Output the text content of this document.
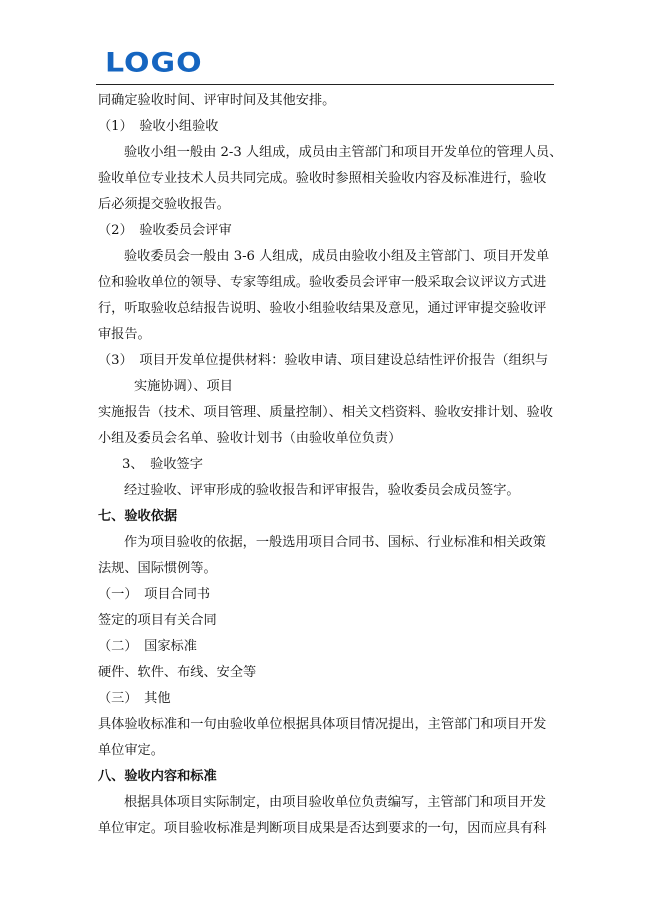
LOGO
同确定验收时间、评审时间及其他安排。
（1）　验收小组验收
验收小组一般由 2-3 人组成，成员由主管部门和项目开发单位的管理人员、
验收单位专业技术人员共同完成。验收时参照相关验收内容及标准进行，验收
后必须提交验收报告。
（2）　验收委员会评审
验收委员会一般由 3-6 人组成，成员由验收小组及主管部门、项目开发单
位和验收单位的领导、专家等组成。验收委员会评审一般采取会议评议方式进
行，听取验收总结报告说明、验收小组验收结果及意见，通过评审提交验收评
审报告。
（3）　项目开发单位提供材料：验收申请、项目建设总结性评价报告（组织与
实施协调）、项目
实施报告（技术、项目管理、质量控制）、相关文档资料、验收安排计划、验收
小组及委员会名单、验收计划书（由验收单位负责）
3、　验收签字
经过验收、评审形成的验收报告和评审报告，验收委员会成员签字。
七、验收依据
作为项目验收的依据，一般选用项目合同书、国标、行业标准和相关政策
法规、国际惯例等。
（一）　项目合同书
签定的项目有关合同
（二）　国家标准
硬件、软件、布线、安全等
（三）　其他
具体验收标准和一句由验收单位根据具体项目情况提出，主管部门和项目开发
单位审定。
八、验收内容和标准
根据具体项目实际制定，由项目验收单位负责编写，主管部门和项目开发
单位审定。项目验收标准是判断项目成果是否达到要求的一句，因而应具有科
